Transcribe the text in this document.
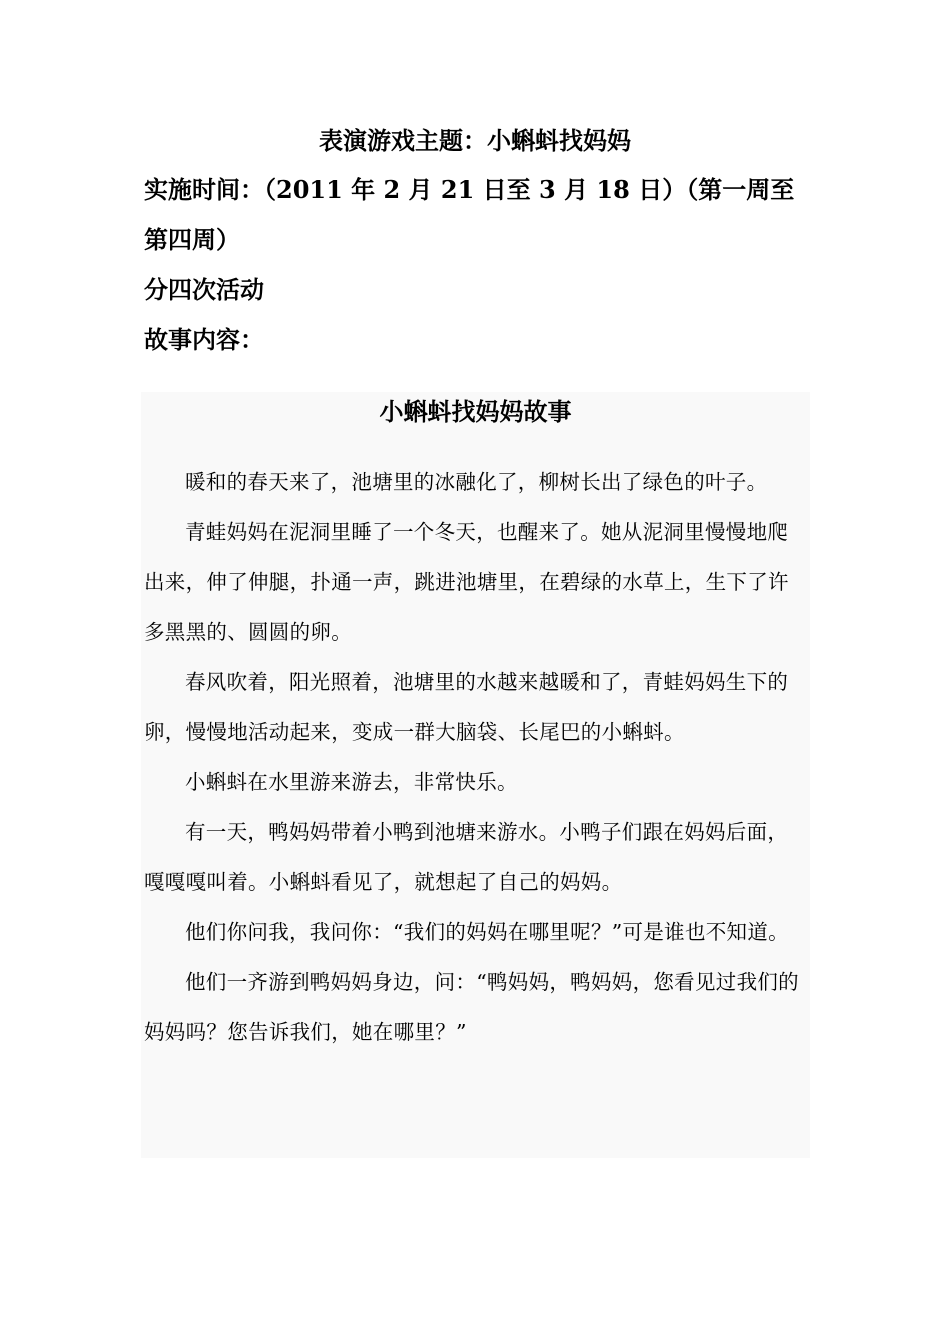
表演游戏主题：小蝌蚪找妈妈
实施时间：（2011 年 2 月 21 日至 3 月 18 日）（第一周至第四周）
分四次活动
故事内容：
小蝌蚪找妈妈故事

暖和的春天来了，池塘里的冰融化了，柳树长出了绿色的叶子。

青蛙妈妈在泥洞里睡了一个冬天，也醒来了。她从泥洞里慢慢地爬出来，伸了伸腿，扑通一声，跳进池塘里，在碧绿的水草上，生下了许多黑黑的、圆圆的卵。

春风吹着，阳光照着，池塘里的水越来越暖和了，青蛙妈妈生下的卵，慢慢地活动起来，变成一群大脑袋、长尾巴的小蝌蚪。

小蝌蚪在水里游来游去，非常快乐。

有一天，鸭妈妈带着小鸭到池塘来游水。小鸭子们跟在妈妈后面，嘎嘎嘎叫着。小蝌蚪看见了，就想起了自己的妈妈。

他们你问我，我问你：“我们的妈妈在哪里呢？”可是谁也不知道。

他们一齐游到鸭妈妈身边，问：“鸭妈妈，鸭妈妈，您看见过我们的妈妈吗？您告诉我们，她在哪里？”
